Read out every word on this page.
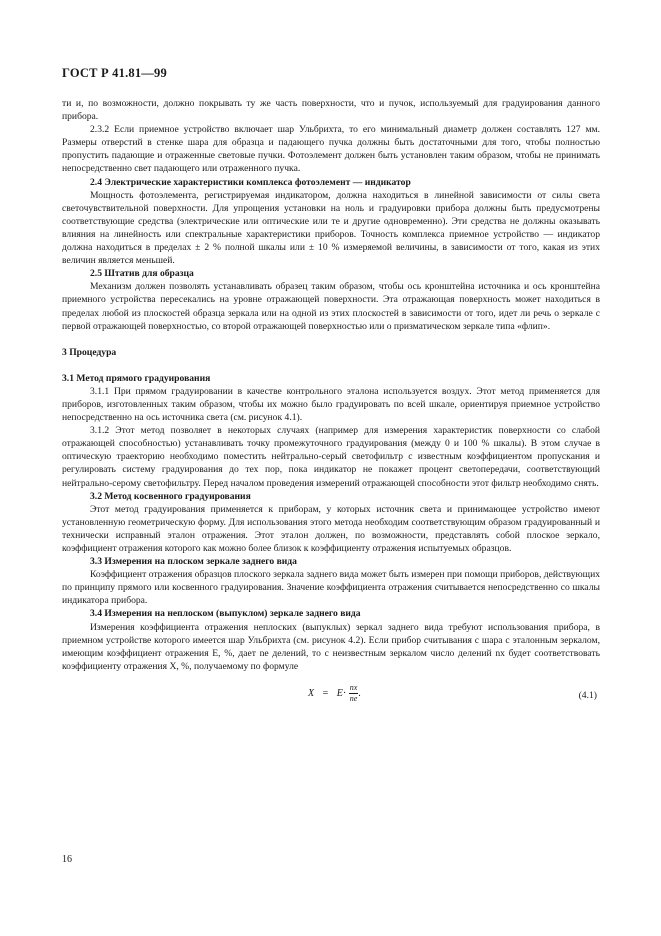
ГОСТ Р 41.81—99

ти и, по возможности, должно покрывать ту же часть поверхности, что и пучок, используемый для градуирования данного прибора.

2.3.2 Если приемное устройство включает шар Ульбрихта, то его минимальный диаметр должен составлять 127 мм. Размеры отверстий в стенке шара для образца и падающего пучка должны быть достаточными для того, чтобы полностью пропустить падающие и отраженные световые пучки. Фотоэлемент должен быть установлен таким образом, чтобы не принимать непосредственно свет падающего или отраженного пучка.

2.4 Электрические характеристики комплекса фотоэлемент — индикатор

Мощность фотоэлемента, регистрируемая индикатором, должна находиться в линейной зависимости от силы света светочувствительной поверхности. Для упрощения установки на ноль и градуировки прибора должны быть предусмотрены соответствующие средства (электрические или оптические или те и другие одновременно). Эти средства не должны оказывать влияния на линейность или спектральные характеристики приборов. Точность комплекса приемное устройство — индикатор должна находиться в пределах ± 2 % полной шкалы или ± 10 % измеряемой величины, в зависимости от того, какая из этих величин является меньшей.

2.5 Штатив для образца

Механизм должен позволять устанавливать образец таким образом, чтобы ось кронштейна источника и ось кронштейна приемного устройства пересекались на уровне отражающей поверхности. Эта отражающая поверхность может находиться в пределах любой из плоскостей образца зеркала или на одной из этих плоскостей в зависимости от того, идет ли речь о зеркале с первой отражающей поверхностью, со второй отражающей поверхностью или о призматическом зеркале типа «флип».

3 Процедура

3.1 Метод прямого градуирования

3.1.1 При прямом градуировании в качестве контрольного эталона используется воздух. Этот метод применяется для приборов, изготовленных таким образом, чтобы их можно было градуировать по всей шкале, ориентируя приемное устройство непосредственно на ось источника света (см. рисунок 4.1).

3.1.2 Этот метод позволяет в некоторых случаях (например для измерения характеристик поверхности со слабой отражающей способностью) устанавливать точку промежуточного градуирования (между 0 и 100 % шкалы). В этом случае в оптическую траекторию необходимо поместить нейтрально-серый светофильтр с известным коэффициентом пропускания и регулировать систему градуирования до тех пор, пока индикатор не покажет процент светопередачи, соответствующий нейтрально-серому светофильтру. Перед началом проведения измерений отражающей способности этот фильтр необходимо снять.

3.2 Метод косвенного градуирования

Этот метод градуирования применяется к приборам, у которых источник света и принимающее устройство имеют установленную геометрическую форму. Для использования этого метода необходим соответствующим образом градуированный и технически исправный эталон отражения. Этот эталон должен, по возможности, представлять собой плоское зеркало, коэффициент отражения которого как можно более близок к коэффициенту отражения испытуемых образцов.

3.3 Измерения на плоском зеркале заднего вида

Коэффициент отражения образцов плоского зеркала заднего вида может быть измерен при помощи приборов, действующих по принципу прямого или косвенного градуирования. Значение коэффициента отражения считывается непосредственно со шкалы индикатора прибора.

3.4 Измерения на неплоском (выпуклом) зеркале заднего вида

Измерения коэффициента отражения неплоских (выпуклых) зеркал заднего вида требуют использования прибора, в приемном устройстве которого имеется шар Ульбрихта (см. рисунок 4.2). Если прибор считывания с шара с эталонным зеркалом, имеющим коэффициент отражения E, %, дает ne делений, то с неизвестным зеркалом число делений nx будет соответствовать коэффициенту отражения X, %, получаемому по формуле

$X = E\cdot \frac{nx}{ne}$ .	(4.1)
16
